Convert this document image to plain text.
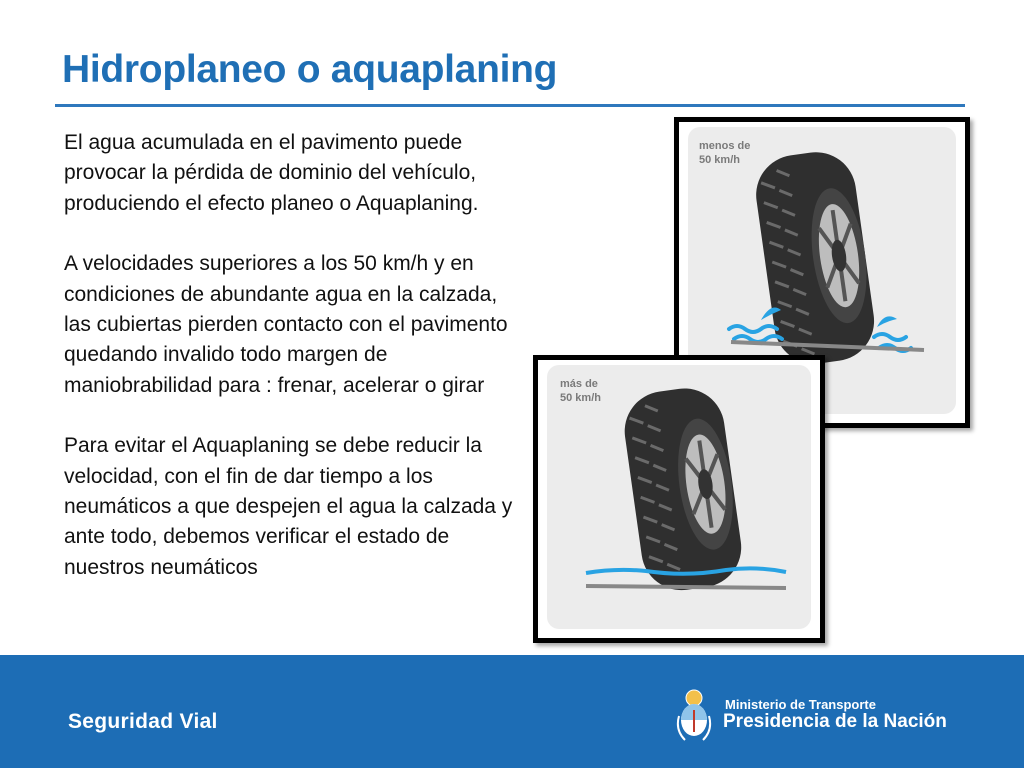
Hidroplaneo o aquaplaning

El agua acumulada en el pavimento puede provocar la pérdida de dominio del vehículo, produciendo el efecto planeo o Aquaplaning.

A velocidades superiores a los 50 km/h y en condiciones de abundante agua en la calzada, las cubiertas pierden contacto con el pavimento quedando invalido todo margen de maniobrabilidad para : frenar, acelerar o girar

Para evitar el Aquaplaning se debe reducir la velocidad, con el fin de dar tiempo a los neumáticos a que despejen el agua la calzada y ante todo, debemos verificar el estado de nuestros neumáticos

menos de
50 km/h
más de
50 km/h
Seguridad Vial
Ministerio de Transporte
Presidencia de la Nación
